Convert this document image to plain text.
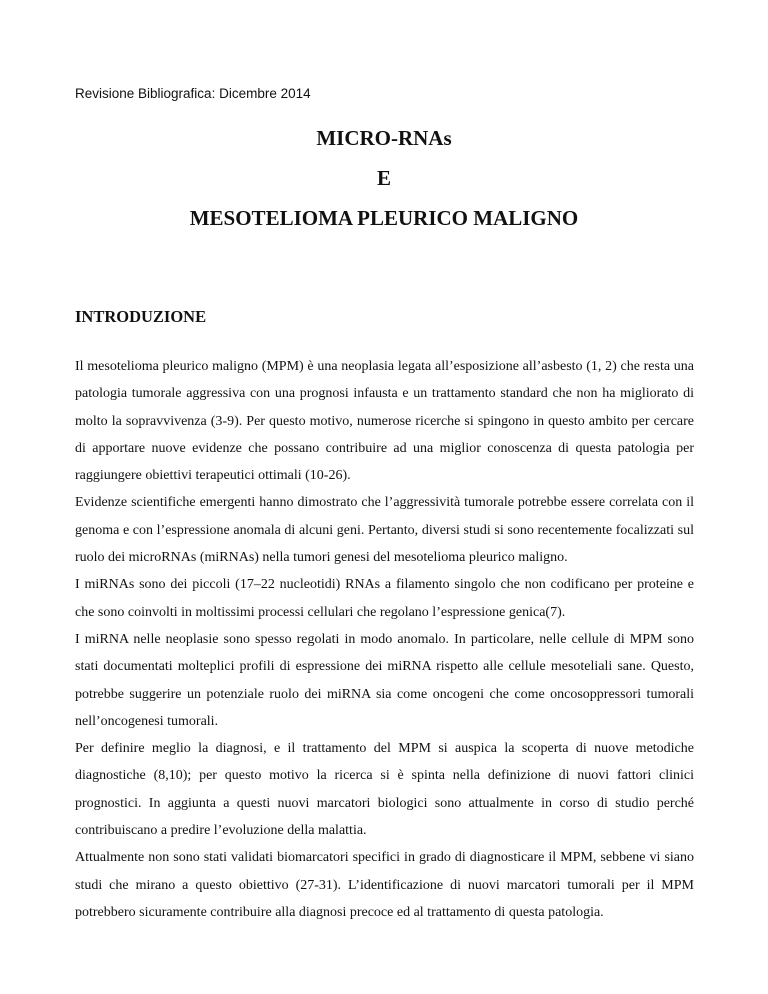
Revisione Bibliografica: Dicembre 2014
MICRO-RNAs
E
MESOTELIOMA PLEURICO MALIGNO
INTRODUZIONE

Il mesotelioma pleurico maligno (MPM) è una neoplasia legata all’esposizione all’asbesto (1, 2) che resta una patologia tumorale aggressiva con una prognosi infausta e un trattamento standard che non ha migliorato di molto la sopravvivenza (3-9). Per questo motivo, numerose ricerche si spingono in questo ambito per cercare di apportare nuove evidenze che possano contribuire ad una miglior conoscenza di questa patologia per raggiungere obiettivi terapeutici ottimali (10-26).

Evidenze scientifiche emergenti hanno dimostrato che l’aggressività tumorale potrebbe essere correlata con il genoma e con l’espressione anomala di alcuni geni. Pertanto, diversi studi si sono recentemente focalizzati sul ruolo dei microRNAs (miRNAs) nella tumori genesi del mesotelioma pleurico maligno.

I miRNAs sono dei piccoli (17–22 nucleotidi) RNAs a filamento singolo che non codificano per proteine e che sono coinvolti in moltissimi processi cellulari che regolano l’espressione genica(7).

I miRNA nelle neoplasie sono spesso regolati in modo anomalo. In particolare, nelle cellule di MPM sono stati documentati molteplici profili di espressione dei miRNA rispetto alle cellule mesoteliali sane. Questo, potrebbe suggerire un potenziale ruolo dei miRNA sia come oncogeni che come oncosoppressori tumorali nell’oncogenesi tumorali.

Per definire meglio la diagnosi, e il trattamento del MPM si auspica la scoperta di nuove metodiche diagnostiche (8,10); per questo motivo la ricerca si è spinta nella definizione di nuovi fattori clinici prognostici. In aggiunta a questi nuovi marcatori biologici sono attualmente in corso di studio perché contribuiscano a predire l’evoluzione della malattia.

Attualmente non sono stati validati biomarcatori specifici in grado di diagnosticare il MPM, sebbene vi siano studi che mirano a questo obiettivo (27-31). L’identificazione di nuovi marcatori tumorali per il MPM potrebbero sicuramente contribuire alla diagnosi precoce ed al trattamento di questa patologia.
